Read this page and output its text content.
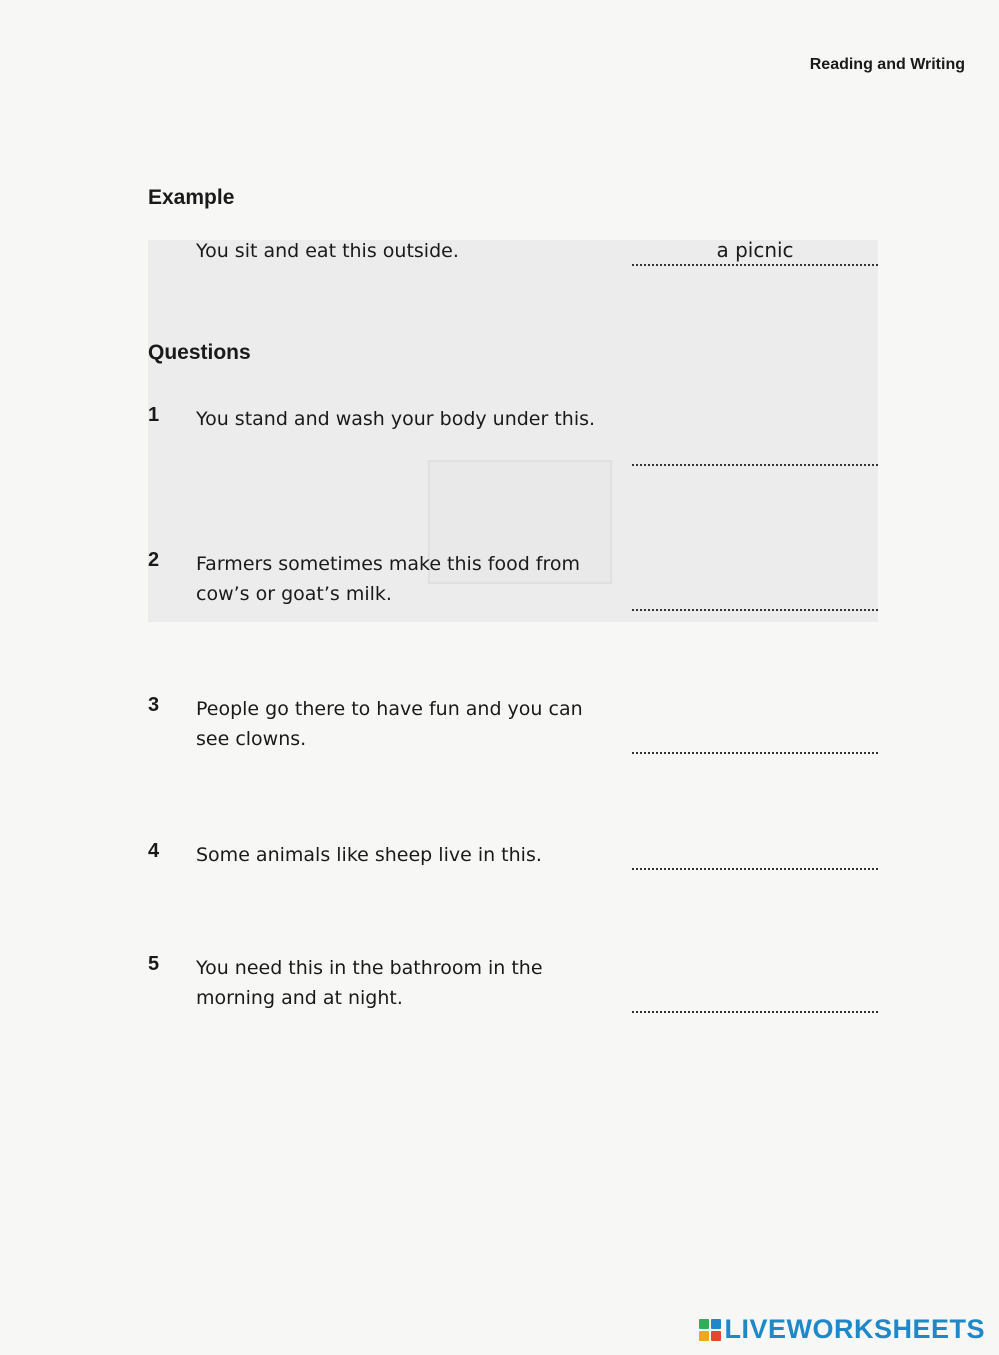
Reading and Writing
Example
You sit and eat this outside.	a picnic
Questions
1 You stand and wash your body under this.
2 Farmers sometimes make this food from cow’s or goat’s milk.
3 People go there to have fun and you can see clowns.
4 Some animals like sheep live in this.
5 You need this in the bathroom in the morning and at night.
LIVEWORKSHEETS
